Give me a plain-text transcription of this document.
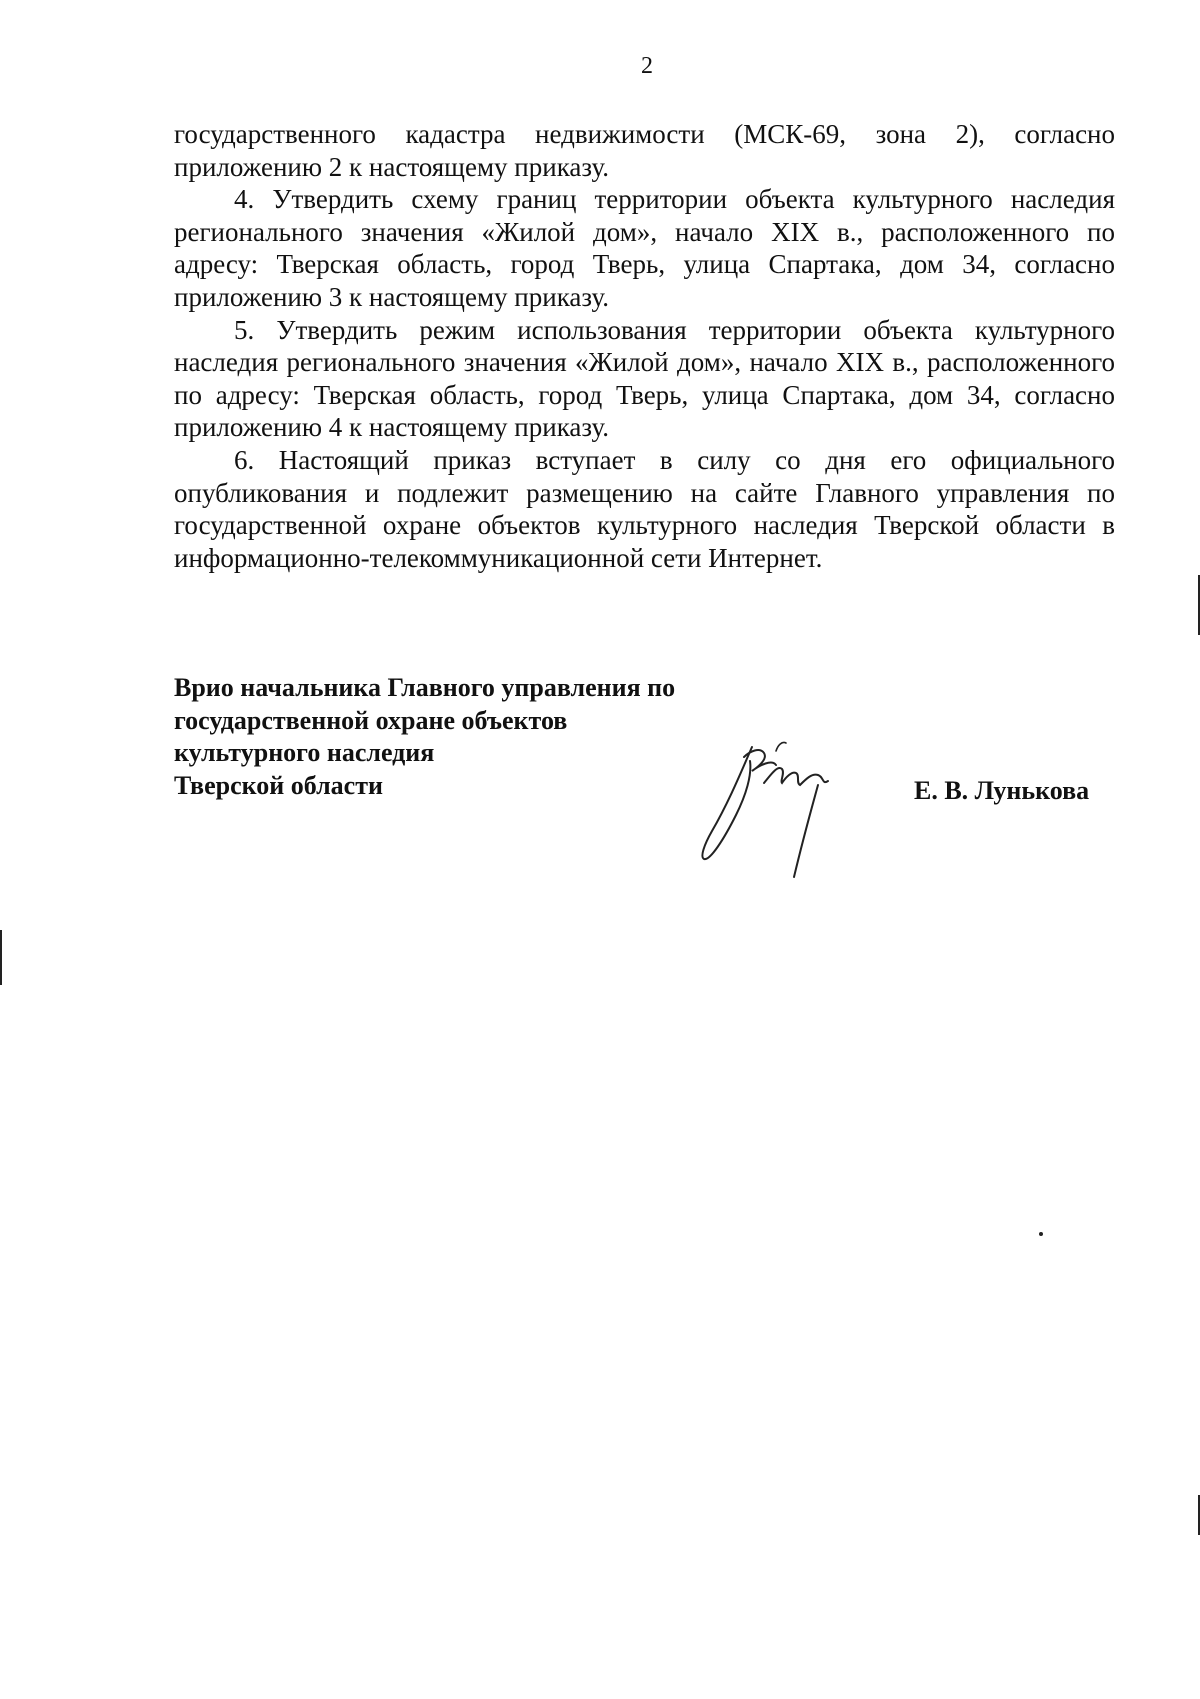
2

государственного кадастра недвижимости (МСК-69, зона 2), согласно приложению 2 к настоящему приказу.

4. Утвердить схему границ территории объекта культурного наследия регионального значения «Жилой дом», начало XIX в., расположенного по адресу: Тверская область, город Тверь, улица Спартака, дом 34, согласно приложению 3 к настоящему приказу.

5. Утвердить режим использования территории объекта культурного наследия регионального значения «Жилой дом», начало XIX в., расположенного по адресу: Тверская область, город Тверь, улица Спартака, дом 34, согласно приложению 4 к настоящему приказу.

6. Настоящий приказ вступает в силу со дня его официального опубликования и подлежит размещению на сайте Главного управления по государственной охране объектов культурного наследия Тверской области в информационно-телекоммуникационной сети Интернет.

Врио начальника Главного управления по
государственной охране объектов
культурного наследия
Тверской области	Е. В. Лунькова
